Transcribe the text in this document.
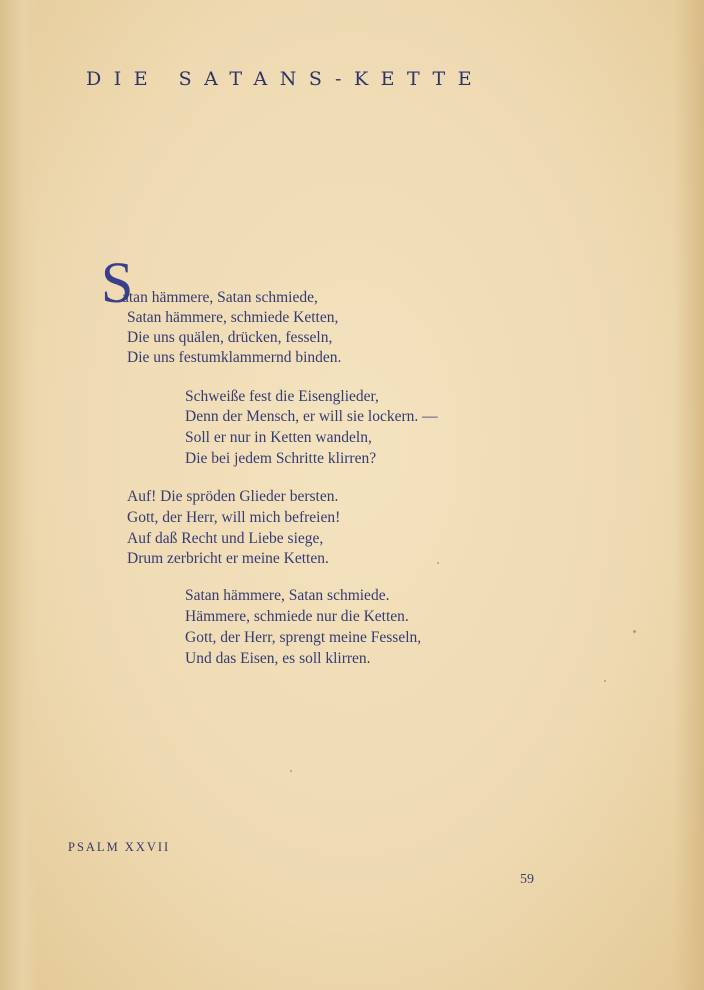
DIE SATANS-KETTE
S
atan hämmere, Satan schmiede,
Satan hämmere, schmiede Ketten,
Die uns quälen, drücken, fesseln,
Die uns festumklammernd binden.
Schweiße fest die Eisenglieder,
Denn der Mensch, er will sie lockern. —
Soll er nur in Ketten wandeln,
Die bei jedem Schritte klirren?
Auf! Die spröden Glieder bersten.
Gott, der Herr, will mich befreien!
Auf daß Recht und Liebe siege,
Drum zerbricht er meine Ketten.
Satan hämmere, Satan schmiede.
Hämmere, schmiede nur die Ketten.
Gott, der Herr, sprengt meine Fesseln,
Und das Eisen, es soll klirren.
PSALM XXVII
59
